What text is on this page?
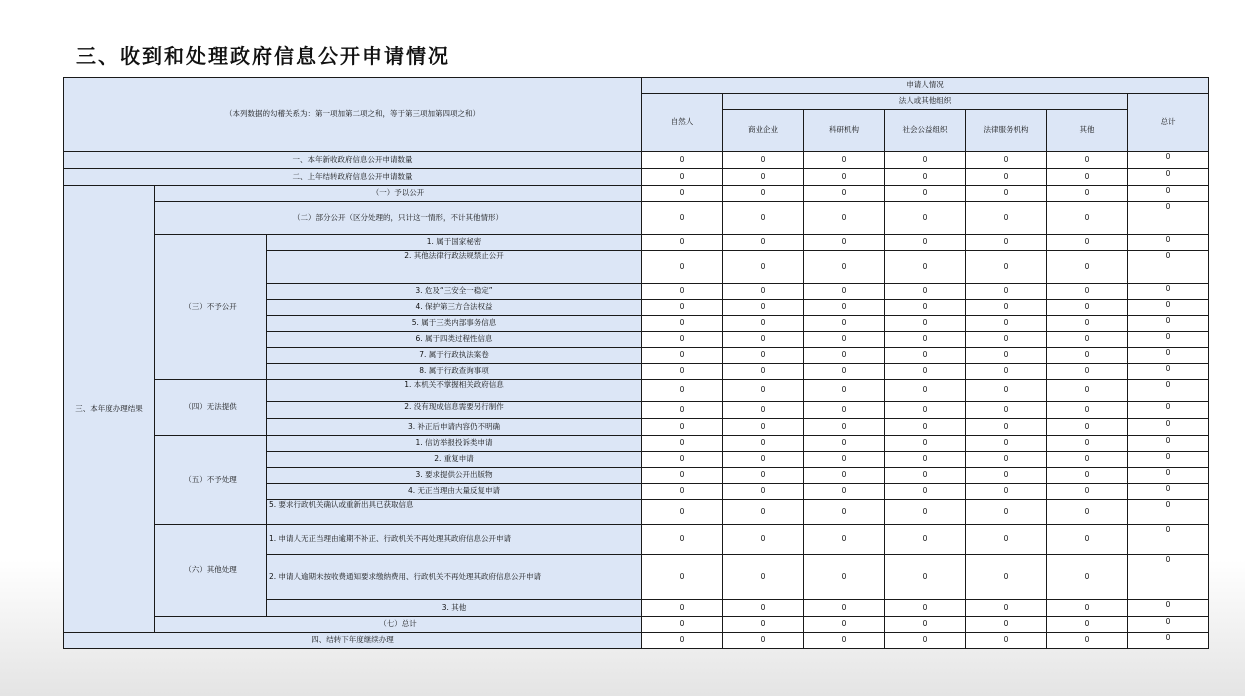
三、收到和处理政府信息公开申请情况
（本列数据的勾稽关系为：第一项加第二项之和，等于第三项加第四项之和）			申请人情况						
			自然人	法人或其他组织					总计
				商业企业	科研机构	社会公益组织	法律服务机构	其他	
一、本年新收政府信息公开申请数量			0	0	0	0	0	0	0
二、上年结转政府信息公开申请数量			0	0	0	0	0	0	0
三、本年度办理结果	（一）予以公开		0	0	0	0	0	0	0
	（二）部分公开（区分处理的，只计这一情形，不计其他情形）		0	0	0	0	0	0	0
	（三）不予公开	1. 属于国家秘密	0	0	0	0	0	0	0
		2. 其他法律行政法规禁止公开	0	0	0	0	0	0	0
		3. 危及“三安全一稳定”	0	0	0	0	0	0	0
		4. 保护第三方合法权益	0	0	0	0	0	0	0
		5. 属于三类内部事务信息	0	0	0	0	0	0	0
		6. 属于四类过程性信息	0	0	0	0	0	0	0
		7. 属于行政执法案卷	0	0	0	0	0	0	0
		8. 属于行政查询事项	0	0	0	0	0	0	0
	（四）无法提供	1. 本机关不掌握相关政府信息	0	0	0	0	0	0	0
		2. 没有现成信息需要另行制作	0	0	0	0	0	0	0
		3. 补正后申请内容仍不明确	0	0	0	0	0	0	0
	（五）不予处理	1. 信访举报投诉类申请	0	0	0	0	0	0	0
		2. 重复申请	0	0	0	0	0	0	0
		3. 要求提供公开出版物	0	0	0	0	0	0	0
		4. 无正当理由大量反复申请	0	0	0	0	0	0	0
		5. 要求行政机关确认或重新出具已获取信息	0	0	0	0	0	0	0
	（六）其他处理	1. 申请人无正当理由逾期不补正、行政机关不再处理其政府信息公开申请	0	0	0	0	0	0	0
		2. 申请人逾期未按收费通知要求缴纳费用、行政机关不再处理其政府信息公开申请	0	0	0	0	0	0	0
		3. 其他	0	0	0	0	0	0	0
	（七）总计		0	0	0	0	0	0	0
四、结转下年度继续办理			0	0	0	0	0	0	0
